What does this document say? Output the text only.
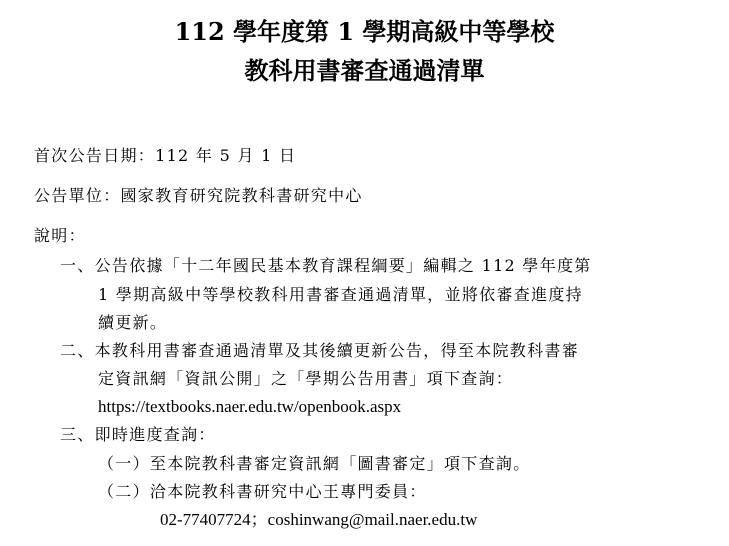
112 學年度第 1 學期高級中等學校
教科用書審查通過清單
首次公告日期：112 年 5 月 1 日
公告單位：國家教育研究院教科書研究中心
說明：
一、公告依據「十二年國民基本教育課程綱要」編輯之 112 學年度第
1 學期高級中等學校教科用書審查通過清單，並將依審查進度持
續更新。
二、本教科用書審查通過清單及其後續更新公告，得至本院教科書審
定資訊網「資訊公開」之「學期公告用書」項下查詢：
https://textbooks.naer.edu.tw/openbook.aspx
三、即時進度查詢：
（一）至本院教科書審定資訊網「圖書審定」項下查詢。
（二）洽本院教科書研究中心王專門委員：
02-77407724；coshinwang@mail.naer.edu.tw
